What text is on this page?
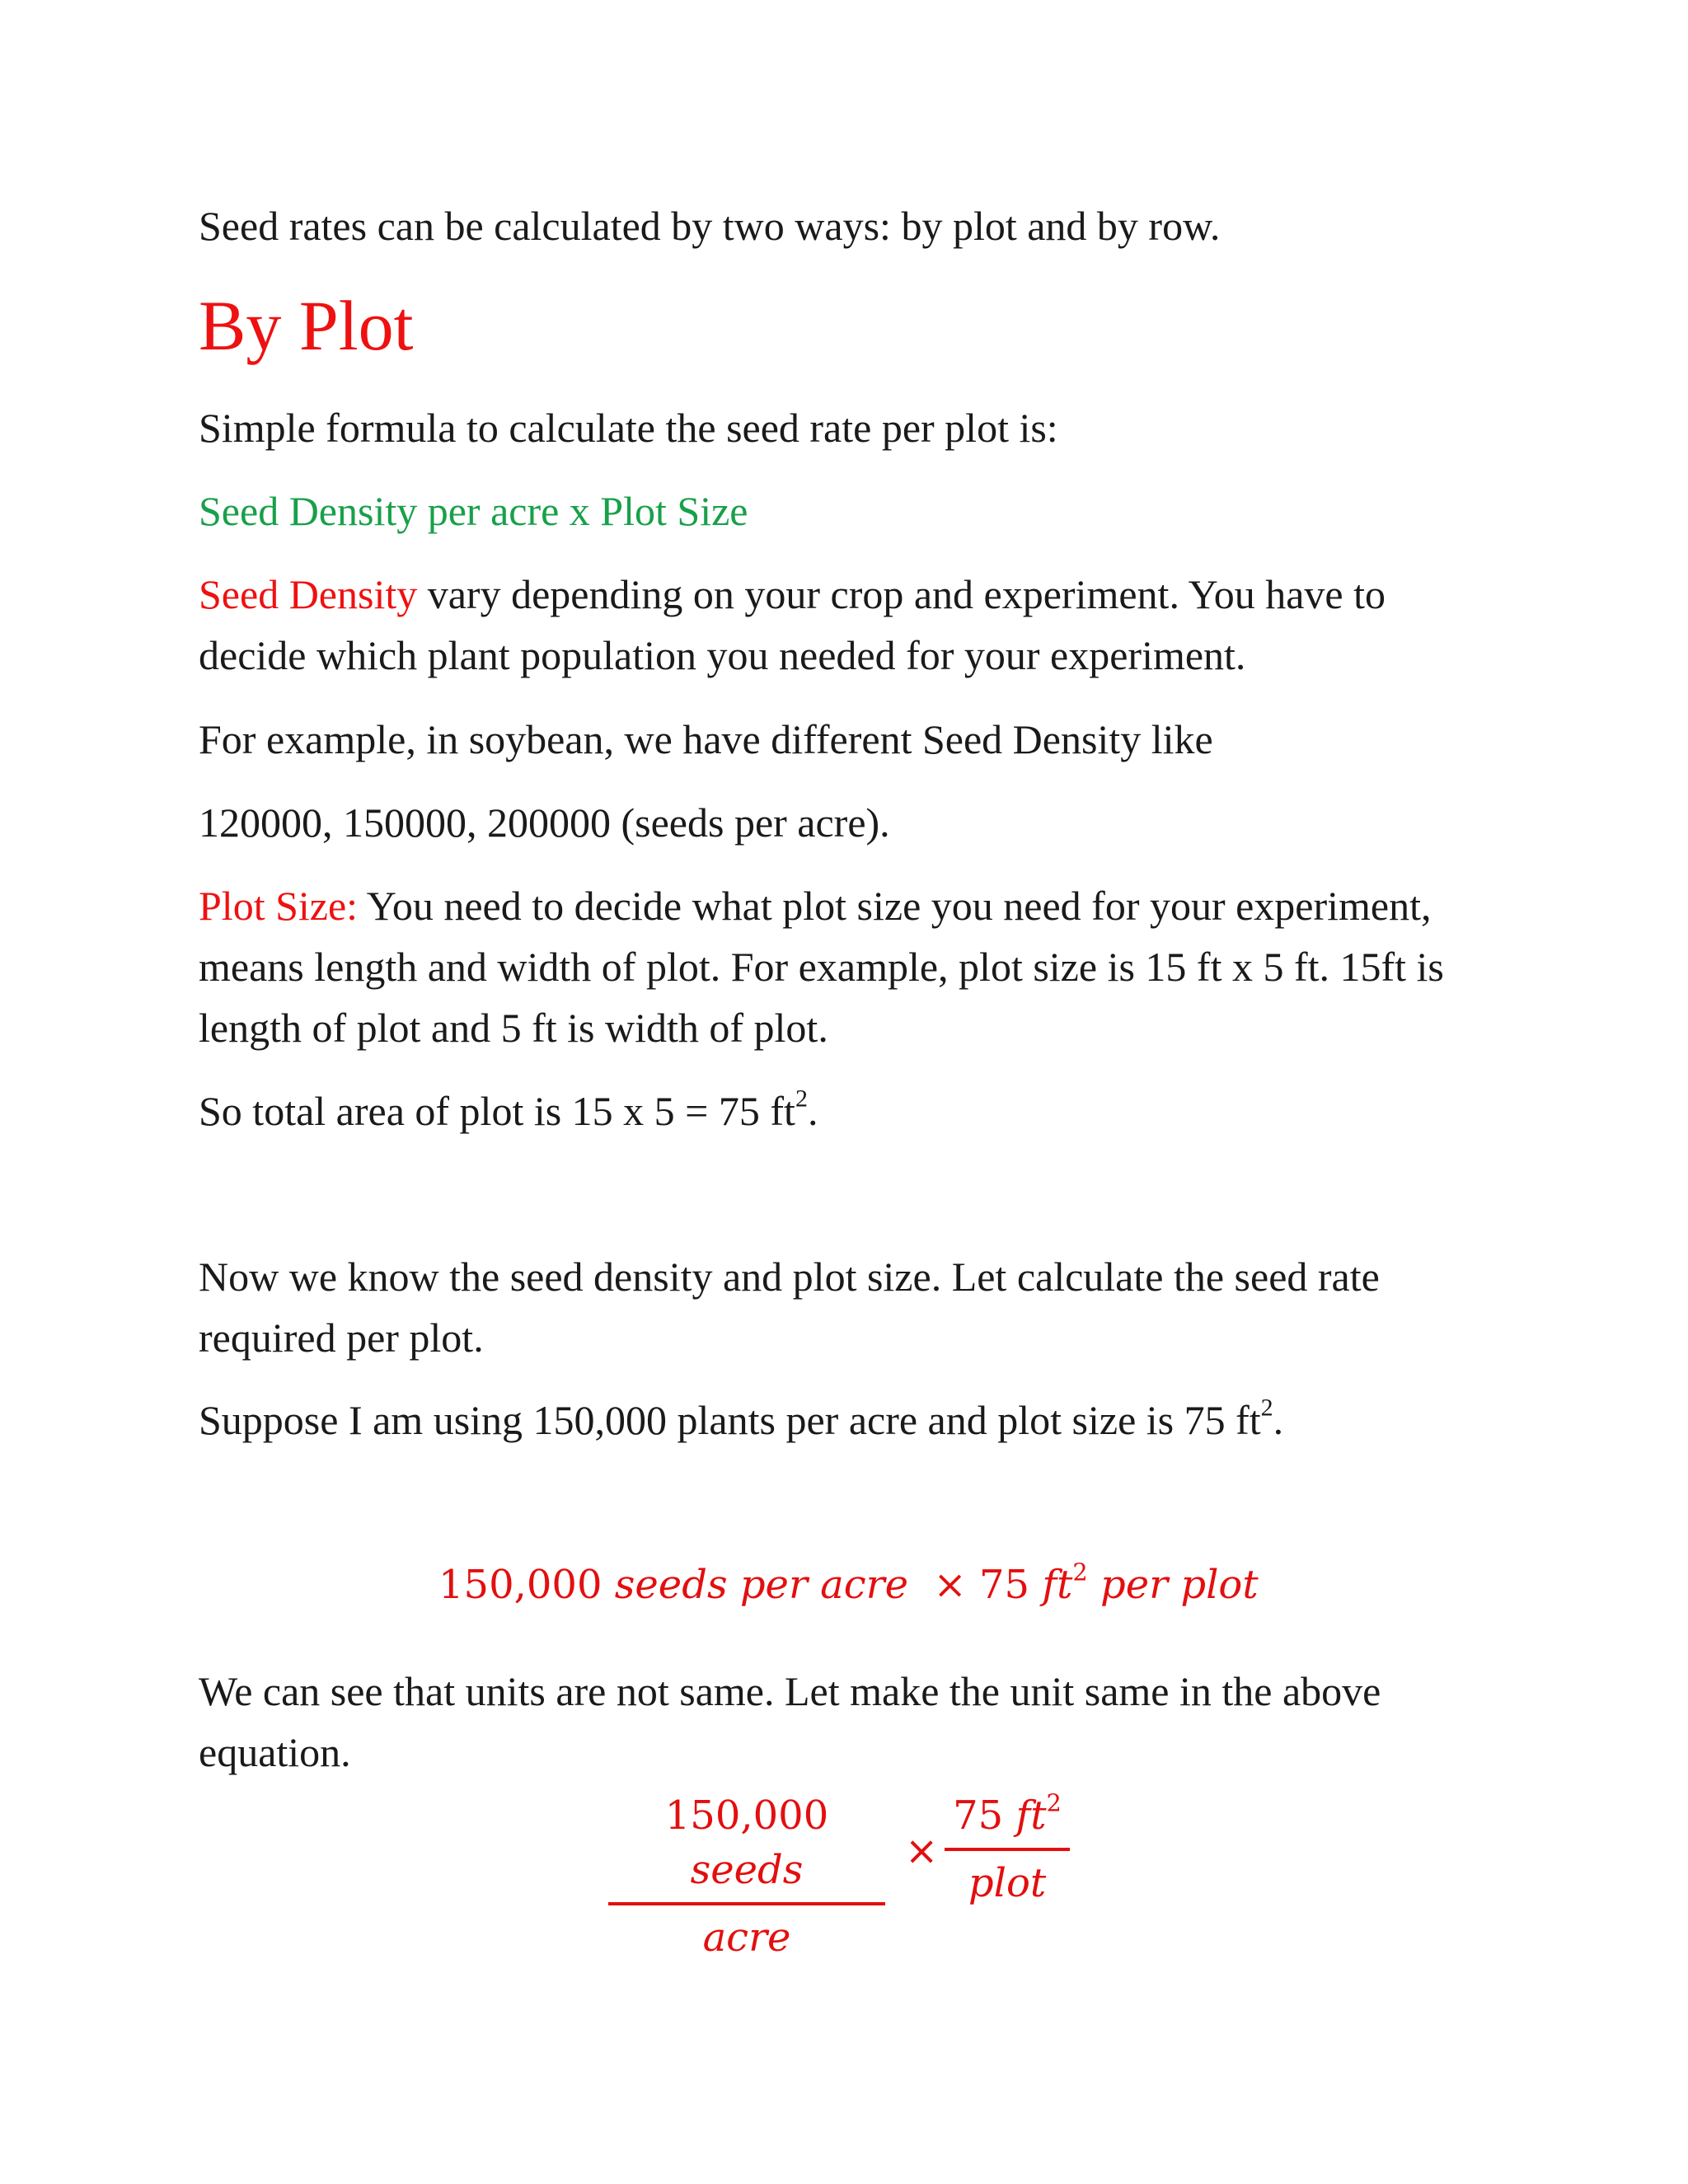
Seed rates can be calculated by two ways: by plot and by row.
By Plot
Simple formula to calculate the seed rate per plot is:
Seed Density per acre x Plot Size
Seed Density vary depending on your crop and experiment. You have to decide which plant population you needed for your experiment.
For example, in soybean, we have different Seed Density like
120000, 150000, 200000 (seeds per acre).
Plot Size: You need to decide what plot size you need for your experiment, means length and width of plot. For example, plot size is 15 ft x 5 ft. 15ft is length of plot and 5 ft is width of plot.
So total area of plot is 15 x 5 = 75 $ft^2$.
Now we know the seed density and plot size. Let calculate the seed rate required per plot.
Suppose I am using 150,000 plants per acre and plot size is 75 $ft^2$.
150,000 seeds per acre × 75 $ft^2$ per plot
We can see that units are not same. Let make the unit same in the above equation.
150,000 seeds
acre
×
75 $ft^2$
plot
